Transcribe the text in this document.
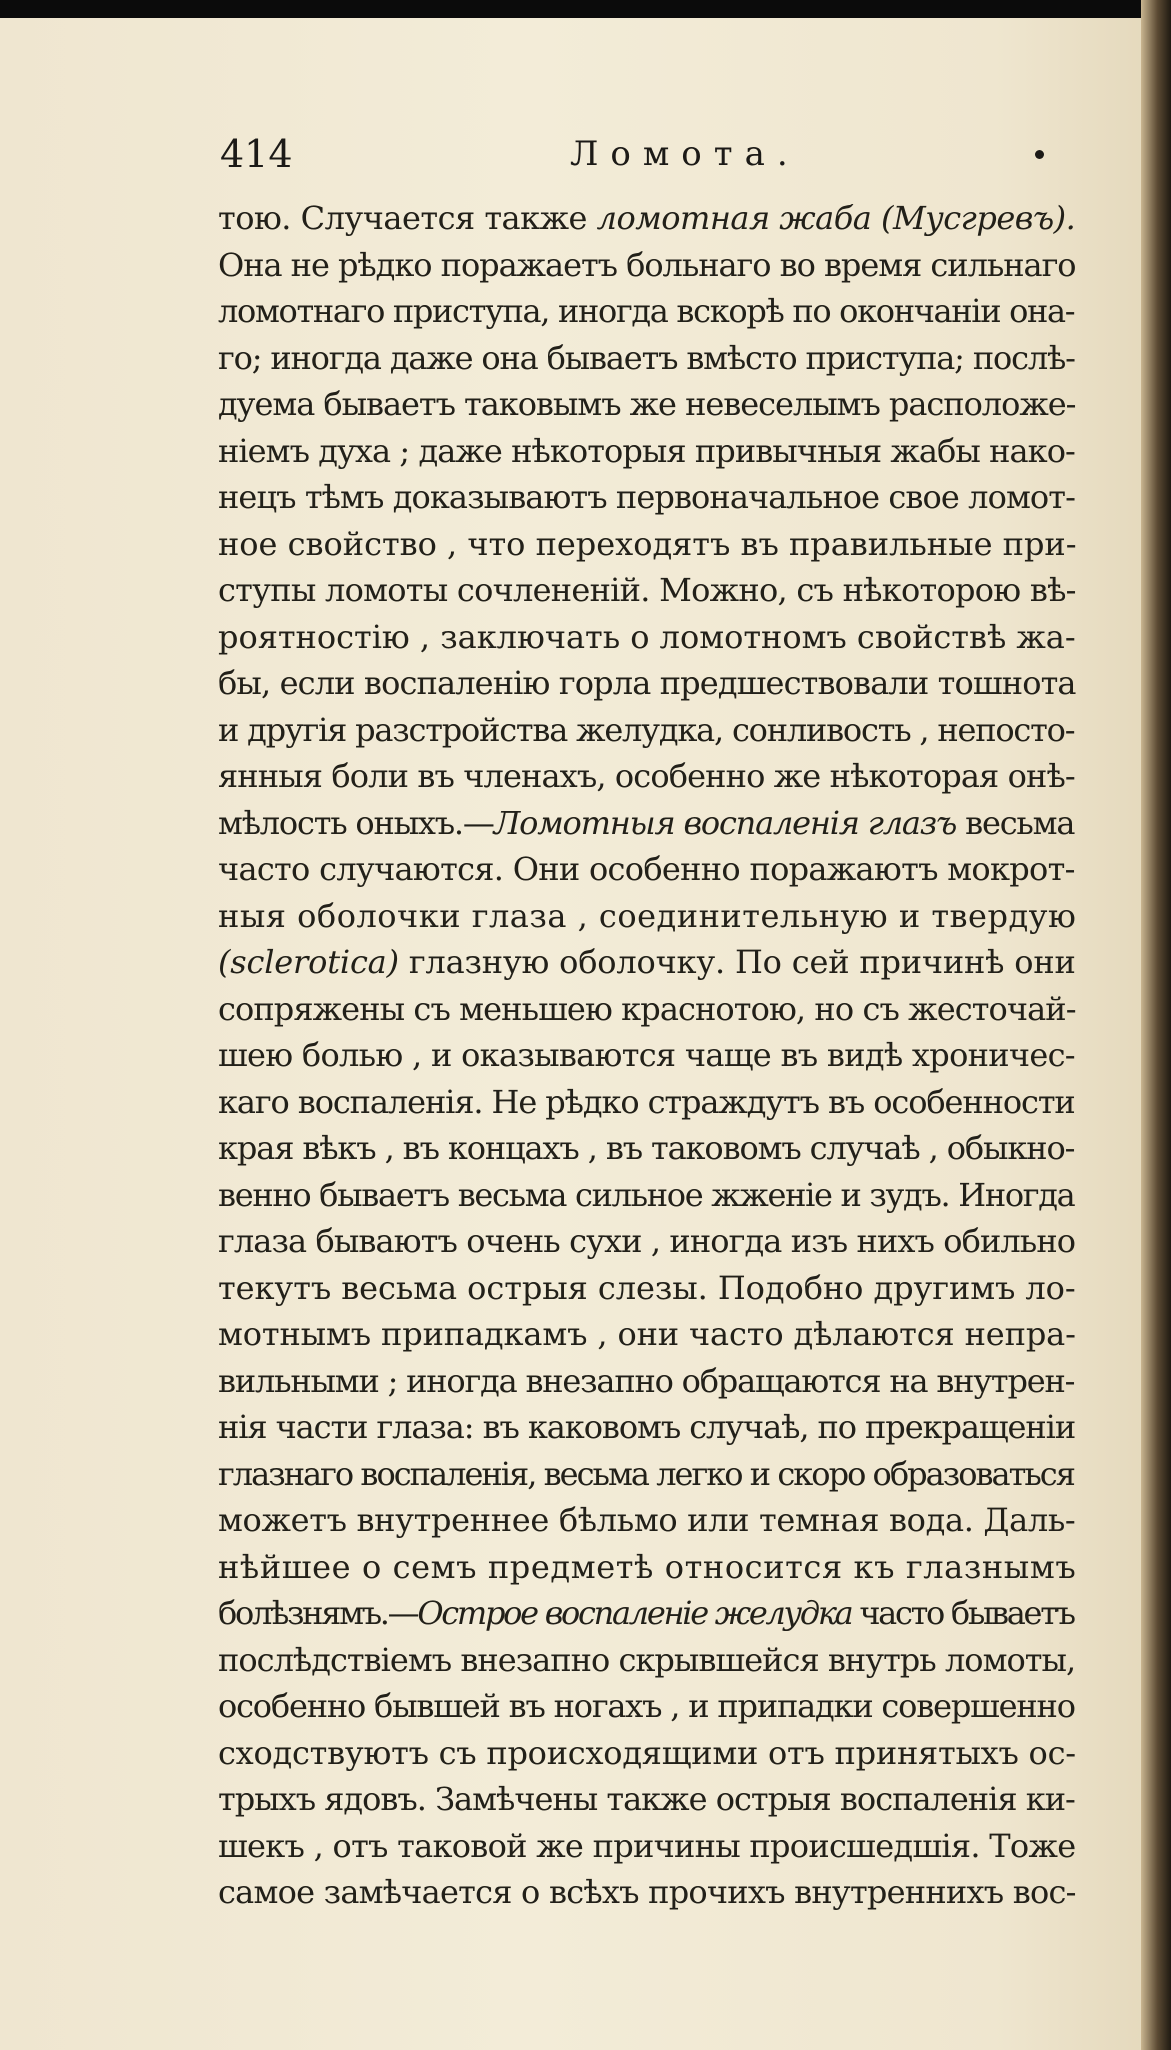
414	Ломота.
тою. Случается также ломотная жаба (Мусгревъ).
Она не рѣдко поражаетъ больнаго во время сильнаго
ломотнаго приступа, иногда вскорѣ по окончаніи она-
го; иногда даже она бываетъ вмѣсто приступа; послѣ-
дуема бываетъ таковымъ же невеселымъ расположе-
ніемъ духа ; даже нѣкоторыя привычныя жабы нако-
нецъ тѣмъ доказываютъ первоначальное свое ломот-
ное свойство , что переходятъ въ правильные при-
ступы ломоты сочлененій. Можно, съ нѣкоторою вѣ-
роятностію , заключать о ломотномъ свойствѣ жа-
бы, если воспаленію горла предшествовали тошнота
и другія разстройства желудка, сонливость , непосто-
янныя боли въ членахъ, особенно же нѣкоторая онѣ-
мѣлость оныхъ.—Ломотныя воспаленія глазъ весьма
часто случаются. Они особенно поражаютъ мокрот-
ныя оболочки глаза , соединительную и твердую
(sclerotica) глазную оболочку. По сей причинѣ они
сопряжены съ меньшею краснотою, но съ жесточай-
шею болью , и оказываются чаще въ видѣ хроничес-
каго воспаленія. Не рѣдко страждутъ въ особенности
края вѣкъ , въ концахъ , въ таковомъ случаѣ , обыкно-
венно бываетъ весьма сильное жженіе и зудъ. Иногда
глаза бываютъ очень сухи , иногда изъ нихъ обильно
текутъ весьма острыя слезы. Подобно другимъ ло-
мотнымъ припадкамъ , они часто дѣлаются непра-
вильными ; иногда внезапно обращаются на внутрен-
нія части глаза: въ каковомъ случаѣ, по прекращеніи
глазнаго воспаленія, весьма легко и скоро образоваться
можетъ внутреннее бѣльмо или темная вода. Даль-
нѣйшее о семъ предметѣ относится къ глазнымъ
болѣзнямъ.—Острое воспаленіе желудка часто бываетъ
послѣдствіемъ внезапно скрывшейся внутрь ломоты,
особенно бывшей въ ногахъ , и припадки совершенно
сходствуютъ съ происходящими отъ принятыхъ ос-
трыхъ ядовъ. Замѣчены также острыя воспаленія ки-
шекъ , отъ таковой же причины происшедшія. Тоже
самое замѣчается о всѣхъ прочихъ внутреннихъ вос-
